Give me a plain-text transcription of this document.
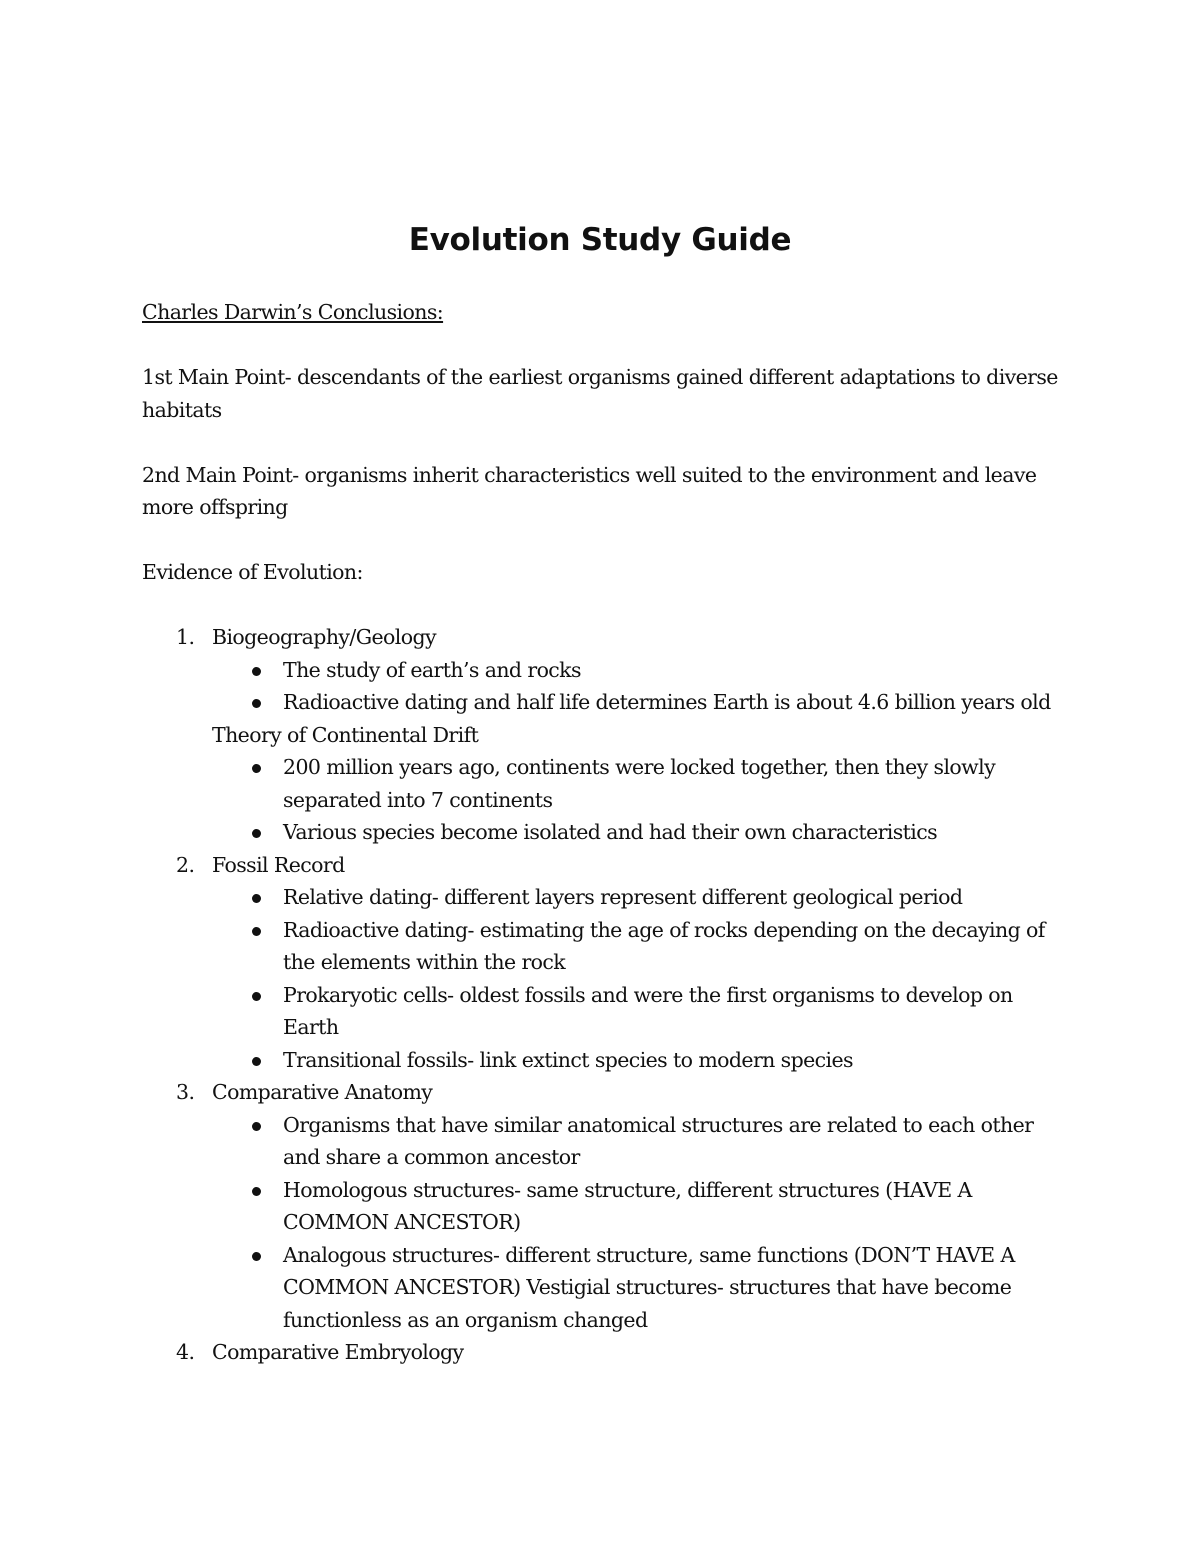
Evolution Study Guide

Charles Darwin’s Conclusions:

1st Main Point- descendants of the earliest organisms gained different adaptations to diverse habitats

2nd Main Point- organisms inherit characteristics well suited to the environment and leave more offspring

Evidence of Evolution:

1. Biogeography/Geology
The study of earth’s and rocks
Radioactive dating and half life determines Earth is about 4.6 billion years old

Theory of Continental Drift

200 million years ago, continents were locked together, then they slowly separated into 7 continents
Various species become isolated and had their own characteristics
2. Fossil Record
Relative dating- different layers represent different geological period
Radioactive dating- estimating the age of rocks depending on the decaying of the elements within the rock
Prokaryotic cells- oldest fossils and were the first organisms to develop on Earth
Transitional fossils- link extinct species to modern species
3. Comparative Anatomy
Organisms that have similar anatomical structures are related to each other and share a common ancestor
Homologous structures- same structure, different structures (HAVE A COMMON ANCESTOR)
Analogous structures- different structure, same functions (DON’T HAVE A COMMON ANCESTOR) Vestigial structures- structures that have become functionless as an organism changed
4. Comparative Embryology
